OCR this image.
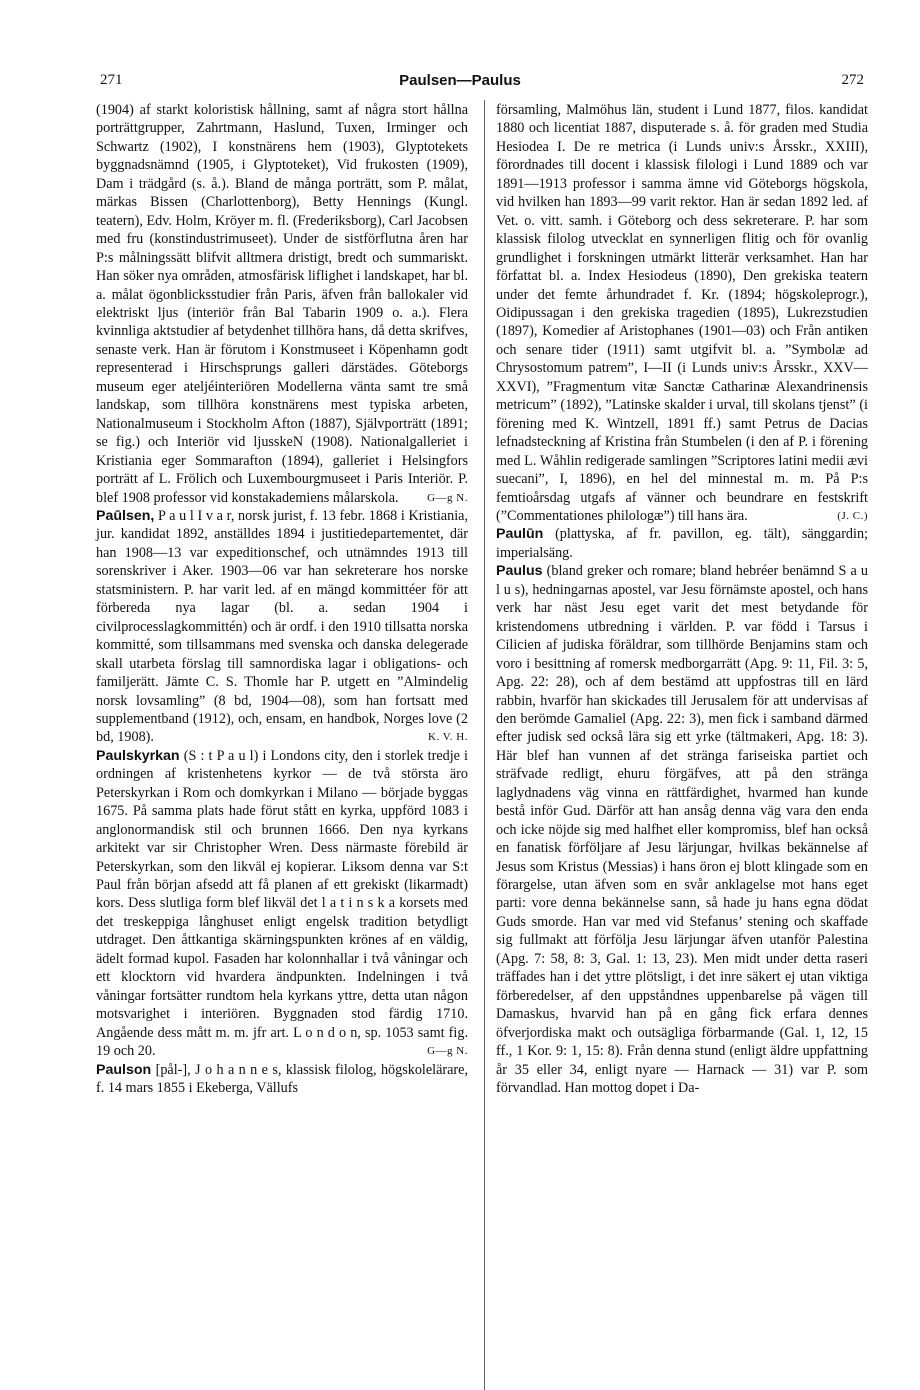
271	Paulsen—Paulus	272

(1904) af starkt koloristisk hållning, samt af några stort hållna porträttgrupper, Zahrtmann, Haslund, Tuxen, Irminger och Schwartz (1902), I konstnärens hem (1903), Glyptotekets byggnadsnämnd (1905, i Glyptoteket), Vid frukosten (1909), Dam i trädgård (s. å.). Bland de många porträtt, som P. målat, märkas Bissen (Charlottenborg), Betty Hennings (Kungl. teatern), Edv. Holm, Kröyer m. fl. (Frederiksborg), Carl Jacobsen med fru (konstindustrimuseet). Under de sistförflutna åren har P:s målningssätt blifvit alltmera dristigt, bredt och summariskt. Han söker nya områden, atmosfärisk liflighet i landskapet, har bl. a. målat ögonblicksstudier från Paris, äfven från ballokaler vid elektriskt ljus (interiör från Bal Tabarin 1909 o. a.). Flera kvinnliga aktstudier af betydenhet tillhöra hans, då detta skrifves, senaste verk. Han är förutom i Konstmuseet i Köpenhamn godt representerad i Hirschsprungs galleri därstädes. Göteborgs museum eger ateljéinteriören Modellerna vänta samt tre små landskap, som tillhöra konstnärens mest typiska arbeten, Nationalmuseum i Stockholm Afton (1887), Självporträtt (1891; se fig.) och Interiör vid ljusskeN (1908). Nationalgalleriet i Kristiania eger Sommarafton (1894), galleriet i Helsingfors porträtt af L. Frölich och Luxembourgmuseet i Paris Interiör. P. blef 1908 professor vid konstakademiens målarskola.	G—g N.

Paūlsen, P a u l I v a r, norsk jurist, f. 13 febr. 1868 i Kristiania, jur. kandidat 1892, anställdes 1894 i justitiedepartementet, där han 1908—13 var expeditionschef, och utnämndes 1913 till sorenskriver i Aker. 1903—06 var han sekreterare hos norske statsministern. P. har varit led. af en mängd kommittéer för att förbereda nya lagar (bl. a. sedan 1904 i civilprocesslagkommittén) och är ordf. i den 1910 tillsatta norska kommitté, som tillsammans med svenska och danska delegerade skall utarbeta förslag till samnordiska lagar i obligations- och familjerätt. Jämte C. S. Thomle har P. utgett en ”Almindelig norsk lovsamling” (8 bd, 1904—08), som han fortsatt med supplementband (1912), och, ensam, en handbok, Norges love (2 bd, 1908).	K. V. H.

Paulskyrkan (S : t P a u l) i Londons city, den i storlek tredje i ordningen af kristenhetens kyrkor — de två största äro Peterskyrkan i Rom och domkyrkan i Milano — började byggas 1675. På samma plats hade förut stått en kyrka, uppförd 1083 i anglonormandisk stil och brunnen 1666. Den nya kyrkans arkitekt var sir Christopher Wren. Dess närmaste förebild är Peterskyrkan, som den likväl ej kopierar. Liksom denna var S:t Paul från början afsedd att få planen af ett grekiskt (likarmadt) kors. Dess slutliga form blef likväl det l a t i n s k a korsets med det treskeppiga långhuset enligt engelsk tradition betydligt utdraget. Den åttkantiga skärningspunkten krönes af en väldig, ädelt formad kupol. Fasaden har kolonnhallar i två våningar och ett klocktorn vid hvardera ändpunkten. Indelningen i två våningar fortsätter rundtom hela kyrkans yttre, detta utan någon motsvarighet i interiören. Byggnaden stod färdig 1710. Angående dess mått m. m. jfr art. L o n d o n, sp. 1053 samt fig. 19 och 20.	G—g N.

Paulson [pål-], J o h a n n e s, klassisk filolog, högskolelärare, f. 14 mars 1855 i Ekeberga, Vällufs

församling, Malmöhus län, student i Lund 1877, filos. kandidat 1880 och licentiat 1887, disputerade s. å. för graden med Studia Hesiodea I. De re metrica (i Lunds univ:s Årsskr., XXIII), förordnades till docent i klassisk filologi i Lund 1889 och var 1891—1913 professor i samma ämne vid Göteborgs högskola, vid hvilken han 1893—99 varit rektor. Han är sedan 1892 led. af Vet. o. vitt. samh. i Göteborg och dess sekreterare. P. har som klassisk filolog utvecklat en synnerligen flitig och för ovanlig grundlighet i forskningen utmärkt litterär verksamhet. Han har författat bl. a. Index Hesiodeus (1890), Den grekiska teatern under det femte århundradet f. Kr. (1894; högskoleprogr.), Oidipussagan i den grekiska tragedien (1895), Lukrezstudien (1897), Komedier af Aristophanes (1901—03) och Från antiken och senare tider (1911) samt utgifvit bl. a. ”Symbolæ ad Chrysostomum patrem”, I—II (i Lunds univ:s Årsskr., XXV—XXVI), ”Fragmentum vitæ Sanctæ Catharinæ Alexandrinensis metricum” (1892), ”Latinske skalder i urval, till skolans tjenst” (i förening med K. Wintzell, 1891 ff.) samt Petrus de Dacias lefnadsteckning af Kristina från Stumbelen (i den af P. i förening med L. Wåhlin redigerade samlingen ”Scriptores latini medii ævi suecani”, I, 1896), en hel del minnestal m. m. På P:s femtioårsdag utgafs af vänner och beundrare en festskrift (”Commentationes philologæ”) till hans ära.	(J. C.)

Paulūn (plattyska, af fr. pavillon, eg. tält), sänggardin; imperialsäng.

Paulus (bland greker och romare; bland hebréer benämnd S a u l u s), hedningarnas apostel, var Jesu förnämste apostel, och hans verk har näst Jesu eget varit det mest betydande för kristendomens utbredning i världen. P. var född i Tarsus i Cilicien af judiska föräldrar, som tillhörde Benjamins stam och voro i besittning af romersk medborgarrätt (Apg. 9: 11, Fil. 3: 5, Apg. 22: 28), och af dem bestämd att uppfostras till en lärd rabbin, hvarför han skickades till Jerusalem för att undervisas af den berömde Gamaliel (Apg. 22: 3), men fick i samband därmed efter judisk sed också lära sig ett yrke (tältmakeri, Apg. 18: 3). Här blef han vunnen af det stränga fariseiska partiet och sträfvade redligt, ehuru förgäfves, att på den stränga laglydnadens väg vinna en rättfärdighet, hvarmed han kunde bestå inför Gud. Därför att han ansåg denna väg vara den enda och icke nöjde sig med halfhet eller kompromiss, blef han också en fanatisk förföljare af Jesu lärjungar, hvilkas bekännelse af Jesus som Kristus (Messias) i hans öron ej blott klingade som en förargelse, utan äfven som en svår anklagelse mot hans eget parti: vore denna bekännelse sann, så hade ju hans egna dödat Guds smorde. Han var med vid Stefanus’ stening och skaffade sig fullmakt att förfölja Jesu lärjungar äfven utanför Palestina (Apg. 7: 58, 8: 3, Gal. 1: 13, 23). Men midt under detta raseri träffades han i det yttre plötsligt, i det inre säkert ej utan viktiga förberedelser, af den uppståndnes uppenbarelse på vägen till Damaskus, hvarvid han på en gång fick erfara dennes öfverjordiska makt och outsägliga förbarmande (Gal. 1, 12, 15 ff., 1 Kor. 9: 1, 15: 8). Från denna stund (enligt äldre uppfattning år 35 eller 34, enligt nyare — Harnack — 31) var P. som förvandlad. Han mottog dopet i Da-
